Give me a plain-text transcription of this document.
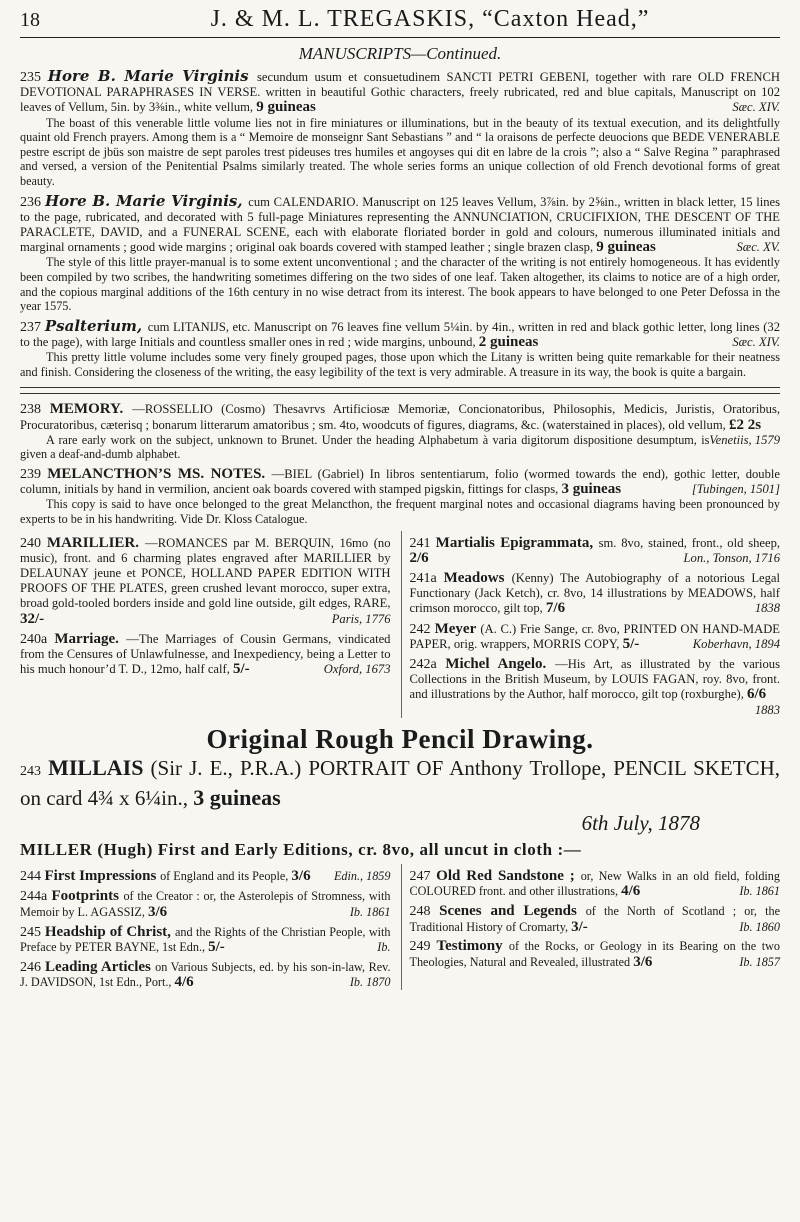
18	J. & M. L. TREGASKIS, “Caxton Head,”
MANUSCRIPTS—Continued.

235 Hore B. Marie Virginis secundum usum et consuetudinem SANCTI PETRI GEBENI, together with rare OLD FRENCH DEVOTIONAL PARAPHRASES IN VERSE. written in beautiful Gothic characters, freely rubricated, red and blue capitals, Manuscript on 102 leaves of Vellum, 5in. by 3⅜in., white vellum, 9 guineas	Sæc. XIV.

The boast of this venerable little volume lies not in fire miniatures or illuminations, but in the beauty of its textual execution, and its delightfully quaint old French prayers. Among them is a “ Memoire de monseignr Sant Sebastians ” and “ la oraisons de perfecte deuocions que BEDE VENERABLE pestre escript de jbüs son maistre de sept paroles trest pideuses tres humiles et angoyses qui dit en labre de la crois ”; also a “ Salve Regina ” paraphrased and versed, a version of the Penitential Psalms similarly treated. The whole series forms an unique collection of old French devotional forms of great beauty.

236 Hore B. Marie Virginis, cum CALENDARIO. Manuscript on 125 leaves Vellum, 3⅞in. by 2⅝in., written in black letter, 15 lines to the page, rubricated, and decorated with 5 full-page Miniatures representing the ANNUNCIATION, CRUCIFIXION, THE DESCENT OF THE PARACLETE, DAVID, and a FUNERAL SCENE, each with elaborate floriated border in gold and colours, numerous illuminated initials and marginal ornaments ; good wide margins ; original oak boards covered with stamped leather ; single brazen clasp, 9 guineas	Sæc. XV.

The style of this little prayer-manual is to some extent unconventional ; and the character of the writing is not entirely homogeneous. It has evidently been compiled by two scribes, the handwriting sometimes differing on the two sides of one leaf. Taken altogether, its claims to notice are of a high order, and the copious marginal additions of the 16th century in no wise detract from its interest. The book appears to have belonged to one Peter Defossa in the year 1575.

237 Psalterium, cum LITANIJS, etc. Manuscript on 76 leaves fine vellum 5¼in. by 4in., written in red and black gothic letter, long lines (32 to the page), with large Initials and countless smaller ones in red ; wide margins, unbound, 2 guineas	Sæc. XIV.

This pretty little volume includes some very finely grouped pages, those upon which the Litany is written being quite remarkable for their neatness and finish. Considering the closeness of the writing, the easy legibility of the text is very admirable. A treasure in its way, the book is quite a bargain.

238 MEMORY. —ROSSELLIO (Cosmo) Thesavrvs Artificiosæ Memoriæ, Concionatoribus, Philosophis, Medicis, Juristis, Oratoribus, Procuratoribus, cæterisq ; bonarum litterarum amatoribus ; sm. 4to, woodcuts of figures, diagrams, &c. (waterstained in places), old vellum, £2 2s
Venetiis, 1579

A rare early work on the subject, unknown to Brunet. Under the heading Alphabetum à varia digitorum dispositione desumptum, is given a deaf-and-dumb alphabet.

239 MELANCTHON’S MS. NOTES. —BIEL (Gabriel) In libros sententiarum, folio (wormed towards the end), gothic letter, double column, initials by hand in vermilion, ancient oak boards covered with stamped pigskin, fittings for clasps, 3 guineas	[Tubingen, 1501]

This copy is said to have once belonged to the great Melancthon, the frequent marginal notes and occasional diagrams having been pronounced by experts to be in his handwriting. Vide Dr. Kloss Catalogue.

240 MARILLIER. —ROMANCES par M. BERQUIN, 16mo (no music), front. and 6 charming plates engraved after MARILLIER by DELAUNAY jeune et PONCE, HOLLAND PAPER EDITION WITH PROOFS OF THE PLATES, green crushed levant morocco, super extra, broad gold-tooled borders inside and gold line outside, gilt edges, RARE, 32/-	Paris, 1776

240a Marriage. —The Marriages of Cousin Germans, vindicated from the Censures of Unlawfulnesse, and Inexpediency, being a Letter to his much honour’d T. D., 12mo, half calf, 5/-	Oxford, 1673

241 Martialis Epigrammata, sm. 8vo, stained, front., old sheep, 2/6	Lon., Tonson, 1716

241a Meadows (Kenny) The Autobiography of a notorious Legal Functionary (Jack Ketch), cr. 8vo, 14 illustrations by MEADOWS, half crimson morocco, gilt top, 7/6	1838

242 Meyer (A. C.) Frie Sange, cr. 8vo, PRINTED ON HAND-MADE PAPER, orig. wrappers, MORRIS COPY, 5/-	Koberhavn, 1894

242a Michel Angelo. —His Art, as illustrated by the various Collections in the British Museum, by LOUIS FAGAN, roy. 8vo, front. and illustrations by the Author, half morocco, gilt top (roxburghe), 6/6
1883

Original Rough Pencil Drawing.

243 MILLAIS (Sir J. E., P.R.A.) PORTRAIT OF Anthony Trollope, PENCIL SKETCH, on card 4¾ x 6¼in., 3 guineas

6th July, 1878
MILLER (Hugh) First and Early Editions, cr. 8vo, all uncut in cloth :—

244 First Impressions of England and its People, 3/6 Edin., 1859

244a Footprints of the Creator : or, the Asterolepis of Stromness, with Memoir by L. AGASSIZ, 3/6	Ib. 1861

245 Headship of Christ, and the Rights of the Christian People, with Preface by PETER BAYNE, 1st Edn., 5/-	Ib.

246 Leading Articles on Various Subjects, ed. by his son-in-law, Rev. J. DAVIDSON, 1st Edn., Port., 4/6	Ib. 1870

247 Old Red Sandstone ; or, New Walks in an old field, folding COLOURED front. and other illustrations, 4/6	Ib. 1861

248 Scenes and Legends of the North of Scotland ; or, the Traditional History of Cromarty, 3/-	Ib. 1860

249 Testimony of the Rocks, or Geology in its Bearing on the two Theologies, Natural and Revealed, illustrated 3/6	Ib. 1857
